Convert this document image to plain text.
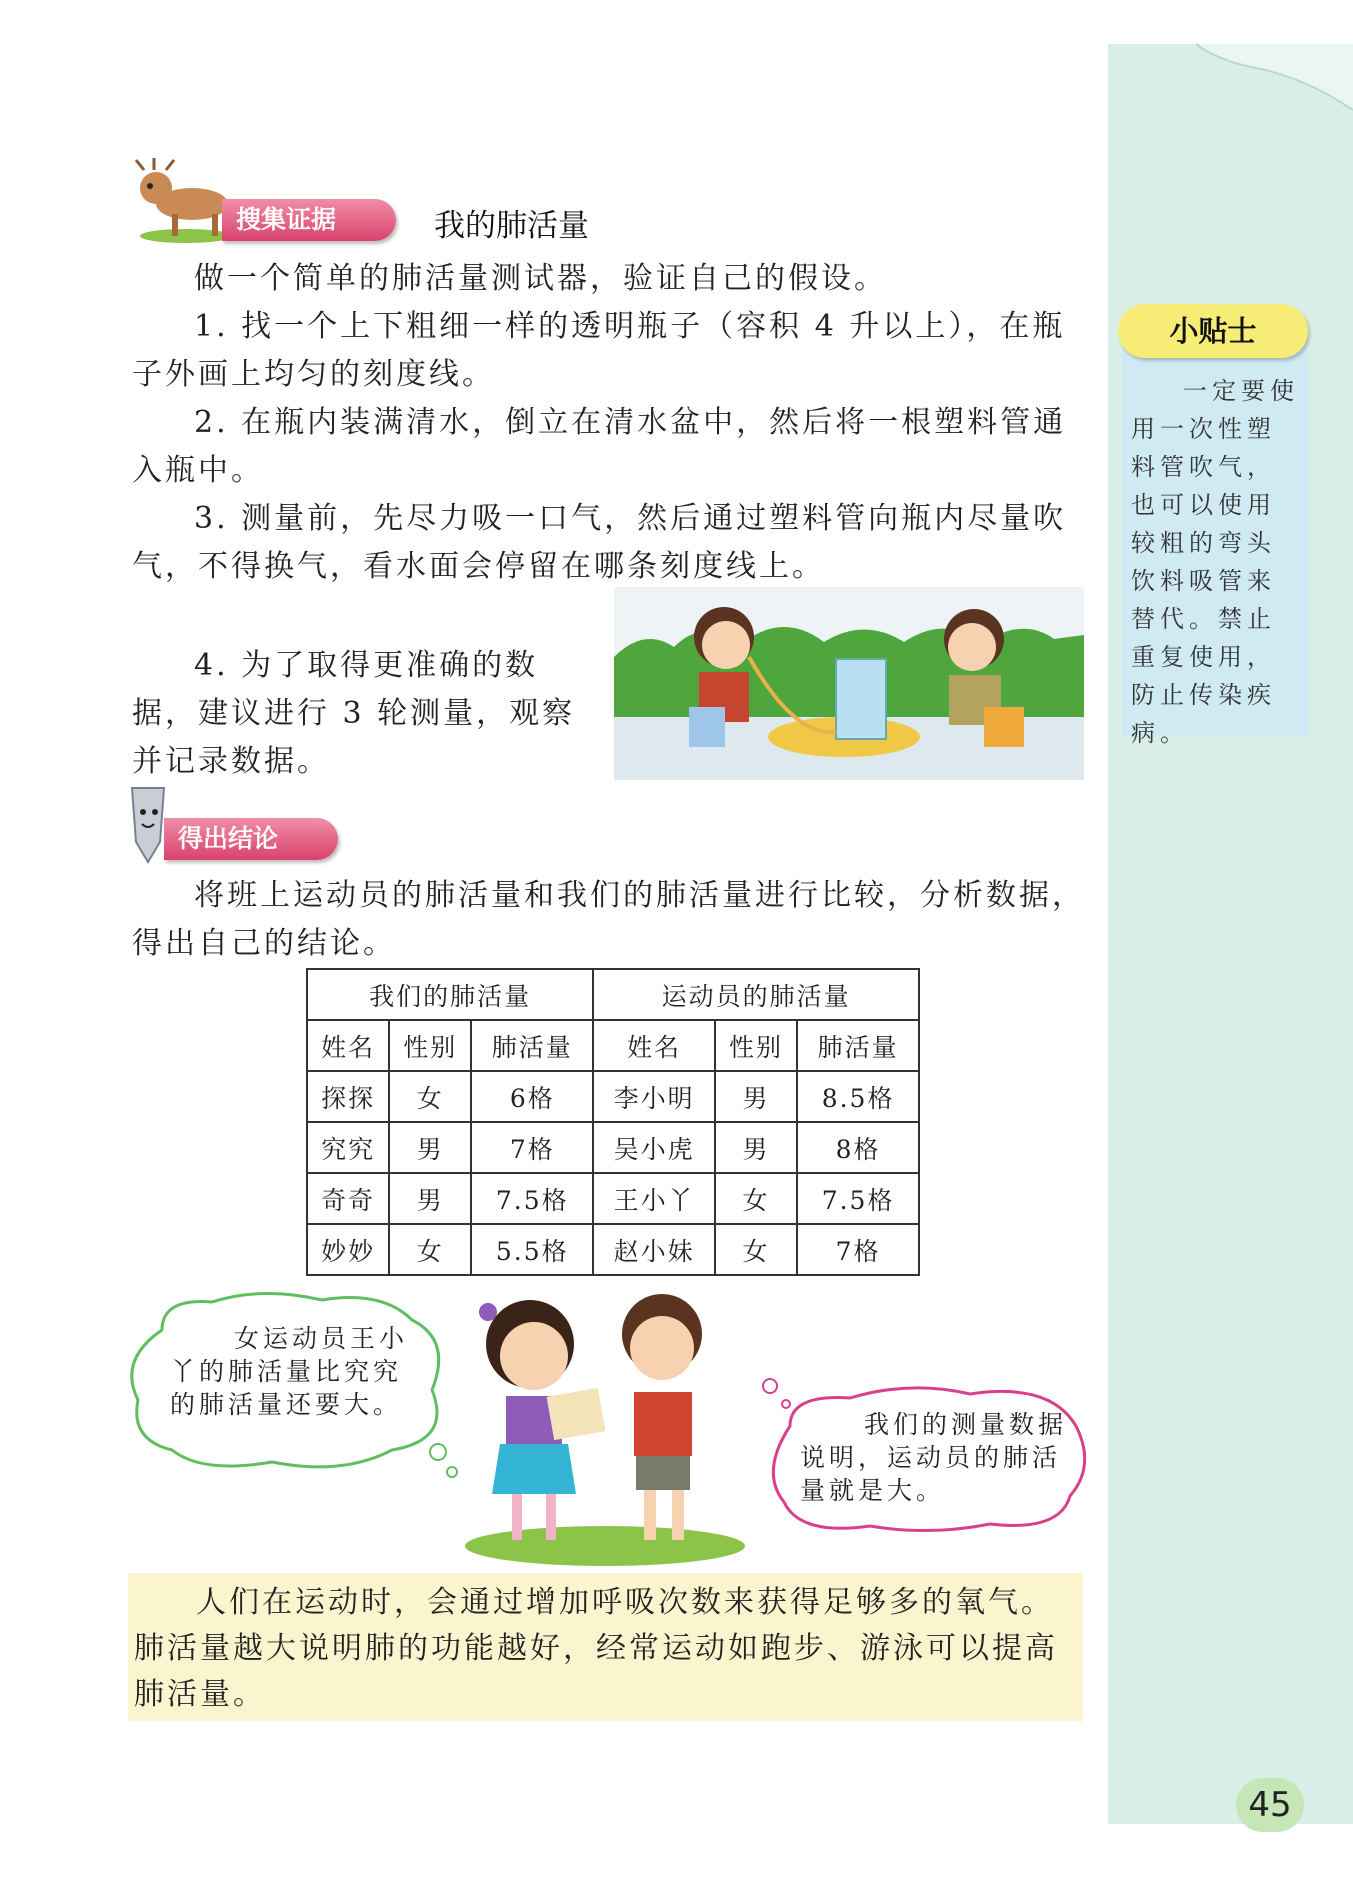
小贴士
一定要使用一次性塑料管吹气，也可以使用较粗的弯头饮料吸管来替代。禁止重复使用，防止传染疾病。
搜集证据	我的肺活量
做一个简单的肺活量测试器，验证自己的假设。
1. 找一个上下粗细一样的透明瓶子（容积 4 升以上），在瓶子外画上均匀的刻度线。
2. 在瓶内装满清水，倒立在清水盆中，然后将一根塑料管通入瓶中。
3. 测量前，先尽力吸一口气，然后通过塑料管向瓶内尽量吹气，不得换气，看水面会停留在哪条刻度线上。
4. 为了取得更准确的数据，建议进行 3 轮测量，观察并记录数据。
得出结论
将班上运动员的肺活量和我们的肺活量进行比较，分析数据，得出自己的结论。
我们的肺活量			运动员的肺活量		
姓名	性别	肺活量	姓名	性别	肺活量
探探	女	6格	李小明	男	8.5格
究究	男	7格	吴小虎	男	8格
奇奇	男	7.5格	王小丫	女	7.5格
妙妙	女	5.5格	赵小妹	女	7格
女运动员王小丫的肺活量比究究的肺活量还要大。
我们的测量数据说明，运动员的肺活量就是大。
人们在运动时，会通过增加呼吸次数来获得足够多的氧气。肺活量越大说明肺的功能越好，经常运动如跑步、游泳可以提高肺活量。
45
